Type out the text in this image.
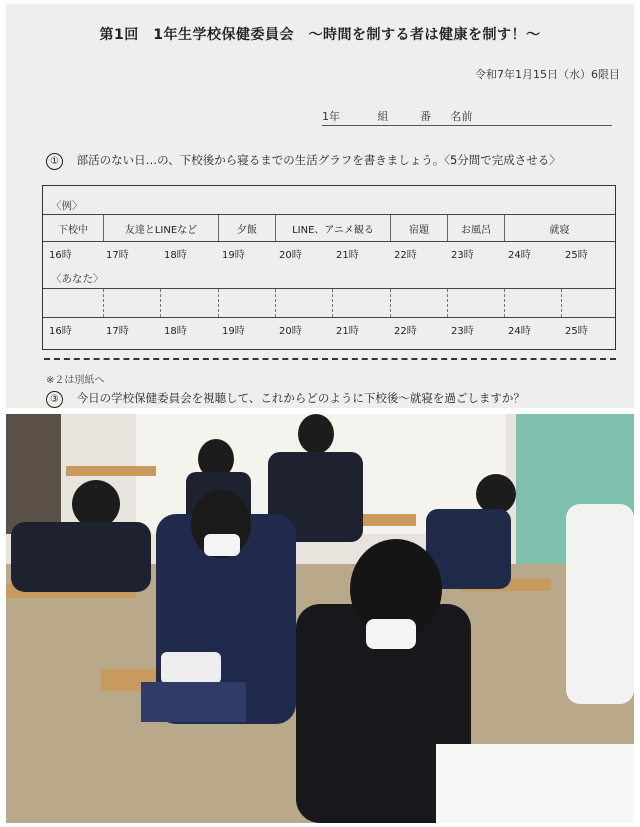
第1回　1年生学校保健委員会　～時間を制する者は健康を制す！～
令和7年1月15日（水）6限目
1年	組	番 名前
① 部活のない日…の、下校後から寝るまでの生活グラフを書きましょう。〈5分間で完成させる〉
〈例〉
下校中	友達とLINEなど	夕飯	LINE、アニメ観る	宿題	お風呂	就寝
16時	17時	18時	19時	20時	21時	22時	23時	24時	25時
〈あなた〉
16時	17時	18時	19時	20時	21時	22時	23時	24時	25時
※２は別紙へ
③ 今日の学校保健委員会を視聴して、これからどのように下校後～就寝を過ごしますか？
